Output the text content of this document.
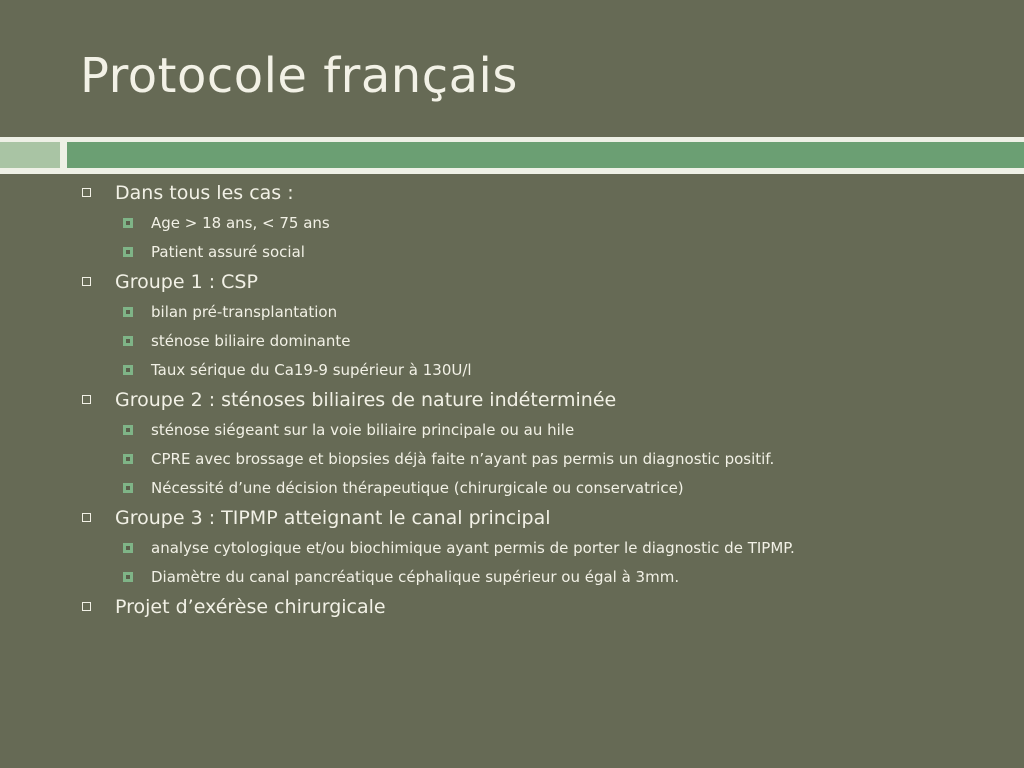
Protocole français
Dans tous les cas :
Age > 18 ans, < 75 ans
Patient assuré social
Groupe 1 : CSP
bilan pré-transplantation
sténose biliaire dominante
Taux sérique du Ca19-9 supérieur à 130U/l
Groupe 2 : sténoses biliaires de nature indéterminée
sténose siégeant sur la voie biliaire principale ou au hile
CPRE avec brossage et biopsies déjà faite n’ayant pas permis un diagnostic positif.
Nécessité d’une décision thérapeutique (chirurgicale ou conservatrice)
Groupe 3 : TIPMP atteignant le canal principal
analyse cytologique et/ou biochimique ayant permis de porter le diagnostic de TIPMP.
Diamètre du canal pancréatique céphalique supérieur ou égal à 3mm.
Projet d’exérèse chirurgicale
